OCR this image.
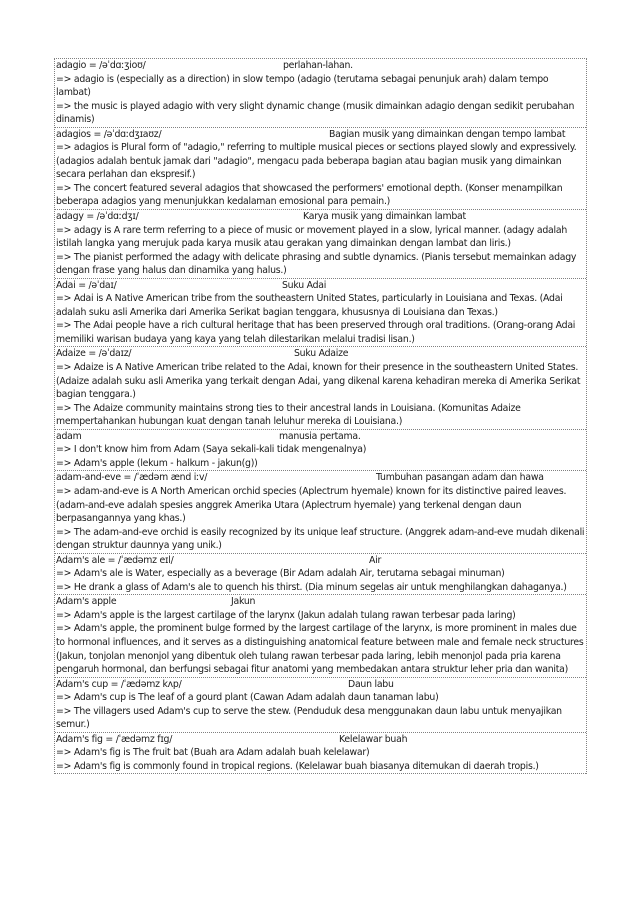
adagio = /əˈdɑːʒioʊ/	perlahan-lahan.
=> adagio is (especially as a direction) in slow tempo (adagio (terutama sebagai penunjuk arah) dalam tempo lambat)
=> the music is played adagio with very slight dynamic change (musik dimainkan adagio dengan sedikit perubahan dinamis)
adagios = /əˈdɑːdʒɪaʊz/	Bagian musik yang dimainkan dengan tempo lambat
=> adagios is Plural form of "adagio," referring to multiple musical pieces or sections played slowly and expressively. (adagios adalah bentuk jamak dari "adagio", mengacu pada beberapa bagian atau bagian musik yang dimainkan secara perlahan dan ekspresif.)
=> The concert featured several adagios that showcased the performers' emotional depth. (Konser menampilkan beberapa adagios yang menunjukkan kedalaman emosional para pemain.)
adagy = /əˈdɑːdʒɪ/	Karya musik yang dimainkan lambat
=> adagy is A rare term referring to a piece of music or movement played in a slow, lyrical manner. (adagy adalah istilah langka yang merujuk pada karya musik atau gerakan yang dimainkan dengan lambat dan liris.)
=> The pianist performed the adagy with delicate phrasing and subtle dynamics. (Pianis tersebut memainkan adagy dengan frase yang halus dan dinamika yang halus.)
Adai = /əˈdaɪ/	Suku Adai
=> Adai is A Native American tribe from the southeastern United States, particularly in Louisiana and Texas. (Adai adalah suku asli Amerika dari Amerika Serikat bagian tenggara, khususnya di Louisiana dan Texas.)
=> The Adai people have a rich cultural heritage that has been preserved through oral traditions. (Orang-orang Adai memiliki warisan budaya yang kaya yang telah dilestarikan melalui tradisi lisan.)
Adaize = /əˈdaɪz/	Suku Adaize
=> Adaize is A Native American tribe related to the Adai, known for their presence in the southeastern United States. (Adaize adalah suku asli Amerika yang terkait dengan Adai, yang dikenal karena kehadiran mereka di Amerika Serikat bagian tenggara.)
=> The Adaize community maintains strong ties to their ancestral lands in Louisiana. (Komunitas Adaize mempertahankan hubungan kuat dengan tanah leluhur mereka di Louisiana.)
adam	manusia pertama.
=> I don't know him from Adam (Saya sekali-kali tidak mengenalnya)
=> Adam's apple (lekum - halkum - jakun(g))
adam-and-eve = /ˈædəm ænd iːv/	Tumbuhan pasangan adam dan hawa
=> adam-and-eve is A North American orchid species (Aplectrum hyemale) known for its distinctive paired leaves. (adam-and-eve adalah spesies anggrek Amerika Utara (Aplectrum hyemale) yang terkenal dengan daun berpasangannya yang khas.)
=> The adam-and-eve orchid is easily recognized by its unique leaf structure. (Anggrek adam-and-eve mudah dikenali dengan struktur daunnya yang unik.)
Adam's ale = /ˈædəmz eɪl/	Air
=> Adam's ale is Water, especially as a beverage (Bir Adam adalah Air, terutama sebagai minuman)
=> He drank a glass of Adam's ale to quench his thirst. (Dia minum segelas air untuk menghilangkan dahaganya.)
Adam's apple	Jakun
=> Adam's apple is the largest cartilage of the larynx (Jakun adalah tulang rawan terbesar pada laring)
=> Adam's apple, the prominent bulge formed by the largest cartilage of the larynx, is more prominent in males due to hormonal influences, and it serves as a distinguishing anatomical feature between male and female neck structures (Jakun, tonjolan menonjol yang dibentuk oleh tulang rawan terbesar pada laring, lebih menonjol pada pria karena pengaruh hormonal, dan berfungsi sebagai fitur anatomi yang membedakan antara struktur leher pria dan wanita)
Adam's cup = /ˈædəmz kʌp/	Daun labu
=> Adam's cup is The leaf of a gourd plant (Cawan Adam adalah daun tanaman labu)
=> The villagers used Adam's cup to serve the stew. (Penduduk desa menggunakan daun labu untuk menyajikan semur.)
Adam's fig = /ˈædəmz fɪg/	Kelelawar buah
=> Adam's fig is The fruit bat (Buah ara Adam adalah buah kelelawar)
=> Adam's fig is commonly found in tropical regions. (Kelelawar buah biasanya ditemukan di daerah tropis.)
